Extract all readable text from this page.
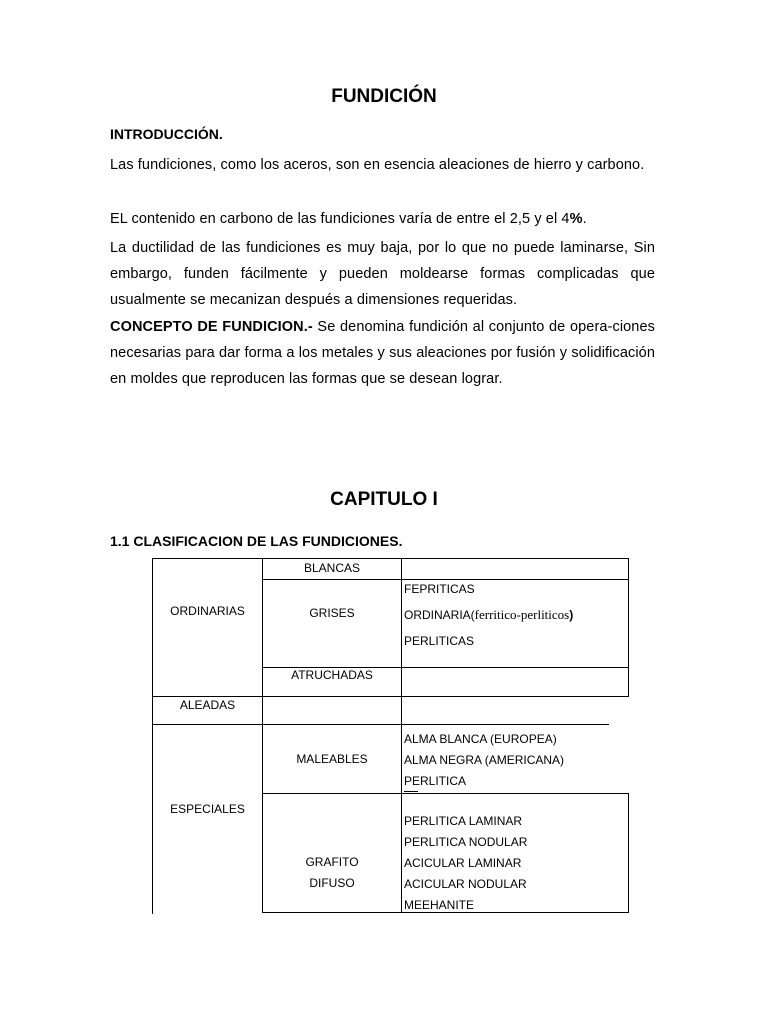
FUNDICIÓN
INTRODUCCIÓN.
Las fundiciones, como los aceros, son en esencia aleaciones de hierro y carbono.
EL contenido en carbono de las fundiciones varía de entre el 2,5 y el 4%.
La ductilidad de las fundiciones es muy baja, por lo que no puede laminarse, Sin embargo, funden fácilmente y pueden moldearse formas complicadas que usualmente se mecanizan después a dimensiones requeridas.
CONCEPTO DE FUNDICION.- Se denomina fundición al conjunto de opera-ciones necesarias para dar forma a los metales y sus aleaciones por fusión y solidificación en moldes que reproducen las formas que se desean lograr.
CAPITULO I
1.1 CLASIFICACION DE LAS FUNDICIONES.
ORDINARIAS
BLANCAS
GRISES
FEPRITICAS
ORDINARIA(ferritico-perliticos)
PERLITICAS
ATRUCHADAS
ALEADAS
ESPECIALES
MALEABLES
ALMA BLANCA (EUROPEA)
ALMA NEGRA (AMERICANA)
PERLITICA
GRAFITO
DIFUSO
PERLITICA LAMINAR
PERLITICA NODULAR
ACICULAR LAMINAR
ACICULAR NODULAR
MEEHANITE
